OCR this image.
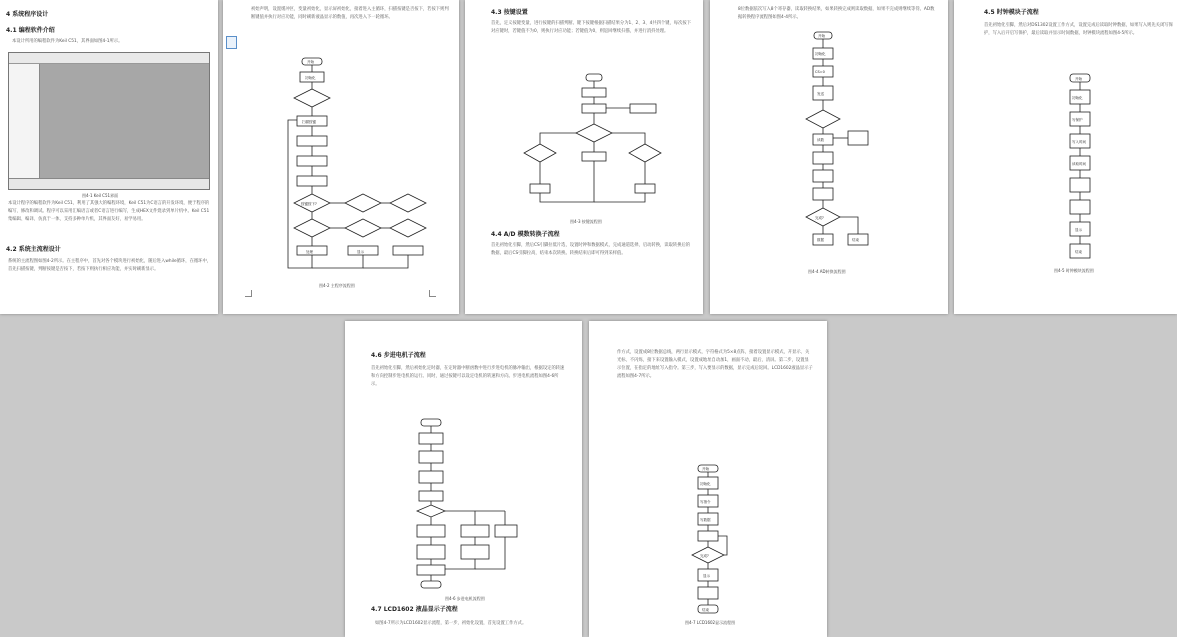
4 系统程序设计
4.1 编程软件介绍
本设计所用的编程软件为Keil C51，其界面如图4-1所示。
图4-1 Keil C51界面
本设计程序的编程软件为Keil C51，利用了其强大的编程环境，Keil C51为C语言的开发环境，便于程序的编写、修改和调试。程序可以采用汇编语言或者C语言进行编写，生成HEX文件烧录到单片机中。Keil C51集编辑、编译、仿真于一体，支持多种单片机，其界面友好，易学易用。
4.2 系统主流程设计
系统的主流程图如图4-2所示。在主程序中，首先对各个模块进行初始化，随后进入while循环，在循环中，首先扫描按键，判断按键是否按下，若按下则执行相应功能，并实时刷新显示。
初始声明，设置缓冲区，变量初始化，显示屏初始化，接着进入主循环，扫描按键是否按下，若按下则判断键值并执行对应功能，同时刷新液晶显示的数值，再次进入下一轮循环。
开始
初始化
扫描按键
按键按下?
处理	显示
图4-2 主程序流程图
4.3 按键设置
首先，定义按键变量，进行按键的扫描判断。键下按键根据扫描结果分为1、2、3、4共四个键，每次按下对应键时，若键值不为0，则执行对应功能；若键值为0，则返回继续扫描，并进行消抖处理。
图4-3 按键流程图
4.4 A/D 模数转换子流程
首先初始化引脚，然后CS引脚拉低片选，设置时钟和数据模式，完成通道选择，启动转换，读取转换后的数据，最后CS引脚拉高，结束本次转换。转换结束后即可得到采样值。
8位数据依次写入8个寄存器，读取转换结果，如果转换完成则读取数据，如果不完成则继续等待。AD数据转换程序流程图如图4-4所示。
开始
初始化
CS=0
发送
读数
完成?
数据	结束
图4-4 AD转换流程图
4.5 时钟模块子流程
首先初始化引脚，然后对DS1302设置工作方式，设置完成后读取时钟数据，如果写入则先关闭写保护，写入后开启写保护，最后读取并显示时间数据，时钟模块流程如图4-5所示。
开始
初始化
写保护
写入时间
读取时间
显示
结束
图4-5 时钟模块流程图
4.6 步进电机子流程
首先初始化引脚，然后初始化定时器，在定时器中断函数中进行步进电机的脉冲输出，根据设定的转速和方向控制步进电机的运行。同时，通过按键可以设定电机的转速和方向。步进电机流程如图4-6所示。
图4-6 步进电机流程图
4.7 LCD1602 液晶显示子流程
如图4-7所示为LCD1602显示流程，第一步，初始化设置，首先设置工作方式。
作方式，设置成8位数据总线，两行显示模式，字符格式为5×8点阵，接着设置显示模式，开显示、关光标、不闪烁，接下来设置输入模式，设置成地址自动加1，画面不动，最后，清屏。第二步，设置显示位置，在指定的地址写入指令。第三步，写入要显示的数据，显示完成后返回。LCD1602液晶显示子流程如图4-7所示。
开始
初始化
写指令
写数据
完成?
显示
结束
图4-7 LCD1602显示流程图
